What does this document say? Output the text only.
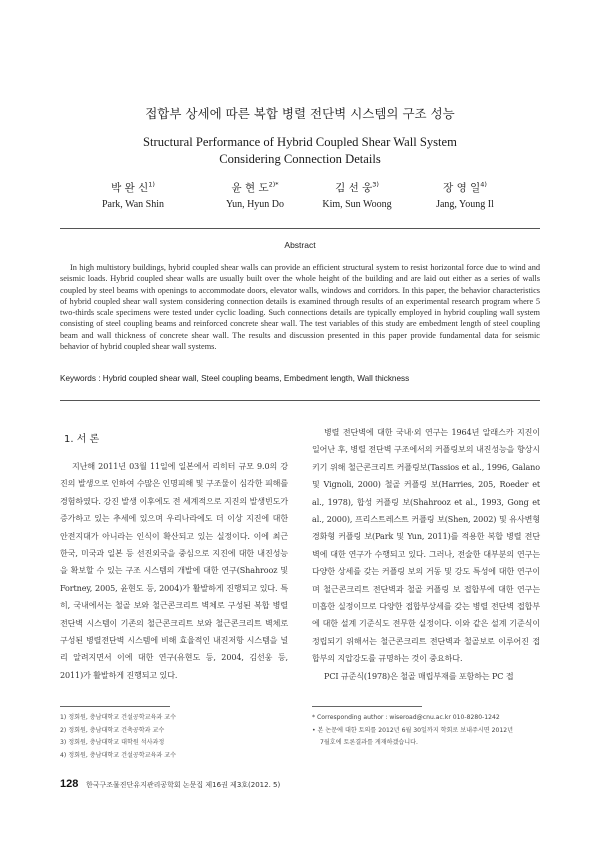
접합부 상세에 따른 복합 병렬 전단벽 시스템의 구조 성능
Structural Performance of Hybrid Coupled Shear Wall System
Considering Connection Details
박 완 신$^{1)}$
Park, Wan Shin
윤 현 도$^{2)*}$
Yun, Hyun Do
김 선 웅$^{3)}$
Kim, Sun Woong
장 영 일$^{4)}$
Jang, Young Il
Abstract
In high multistory buildings, hybrid coupled shear walls can provide an efficient structural system to resist horizontal force due to wind and seismic loads. Hybrid coupled shear walls are usually built over the whole height of the building and are laid out either as a series of walls coupled by steel beams with openings to accommodate doors, elevator walls, windows and corridors. In this paper, the behavior characteristics of hybrid coupled shear wall system considering connection details is examined through results of an experimental research program where 5 two-thirds scale specimens were tested under cyclic loading. Such connections details are typically employed in hybrid coupling wall system consisting of steel coupling beams and reinforced concrete shear wall. The test variables of this study are embedment length of steel coupling beam and wall thickness of concrete shear wall. The results and discussion presented in this paper provide fundamental data for seismic behavior of hybrid coupled shear wall systems.
Keywords : Hybrid coupled shear wall, Steel coupling beams, Embedment length, Wall thickness
1. 서 론
지난해 2011년 03월 11일에 일본에서 리히터 규모 9.0의 강진의 발생으로 인하여 수많은 인명피해 및 구조물이 심각한 피해를 경험하였다. 강진 발생 이후에도 전 세계적으로 지진의 발생빈도가 증가하고 있는 추세에 있으며 우리나라에도 더 이상 지진에 대한 안전지대가 아니라는 인식이 확산되고 있는 실정이다. 이에 최근 한국, 미국과 일본 등 선진외국을 중심으로 지진에 대한 내진성능을 확보할 수 있는 구조 시스템의 개발에 대한 연구(Shahrooz 및 Fortney, 2005, 윤현도 등, 2004)가 활발하게 진행되고 있다. 특히, 국내에서는 철골 보와 철근콘크리트 벽체로 구성된 복합 병렬 전단벽 시스템이 기존의 철근콘크리트 보와 철근콘크리트 벽체로 구성된 병렬전단벽 시스템에 비해 효율적인 내진저항 시스템을 널리 알려지면서 이에 대한 연구(유현도 등, 2004, 김선웅 등, 2011)가 활발하게 진행되고 있다.

병렬 전단벽에 대한 국내·외 연구는 1964년 알래스카 지진이 일어난 후, 병렬 전단벽 구조에서의 커플링보의 내진성능을 향상시키기 위해 철근콘크리트 커플링보(Tassios et al., 1996, Galano 및 Vignoli, 2000) 철골 커플링 보(Harries, 205, Roeder et al., 1978), 합성 커플링 보(Shahrooz et al., 1993, Gong et al., 2000), 프리스트레스트 커플링 보(Shen, 2002) 및 유사변형 경화형 커플링 보(Park 및 Yun, 2011)를 적용한 복합 병렬 전단벽에 대한 연구가 수행되고 있다. 그러나, 전술한 대부분의 연구는 다양한 상세를 갖는 커플링 보의 거동 및 강도 특성에 대한 연구이며 철근콘크리트 전단벽과 철골 커플링 보 접합부에 대한 연구는 미흡한 실정이므로 다양한 접합부상세를 갖는 병렬 전단벽 접합부에 대한 설계 기준식도 전무한 실정이다. 이와 같은 설계 기준식이 정립되기 위해서는 철근콘크리트 전단벽과 철골보로 이루어진 접합부의 지압강도를 규명하는 것이 중요하다.

PCI 규준식(1978)은 철골 매립부재를 포함하는 PC 접

1) 정회원, 충남대학교 건설공학교육과 교수
2) 정회원, 충남대학교 건축공학과 교수
3) 정회원, 충남대학교 대학원 석사과정
4) 정회원, 충남대학교 건설공학교육과 교수
* Corresponding author : wiseroad@cnu.ac.kr 010-8280-1242
• 본 논문에 대한 토의를 2012년 6월 30일까지 학회로 보내주시면 2012년
7월호에 토론결과를 게재하겠습니다.
128 한국구조물진단유지관리공학회 논문집 제16권 제3호(2012. 5)
